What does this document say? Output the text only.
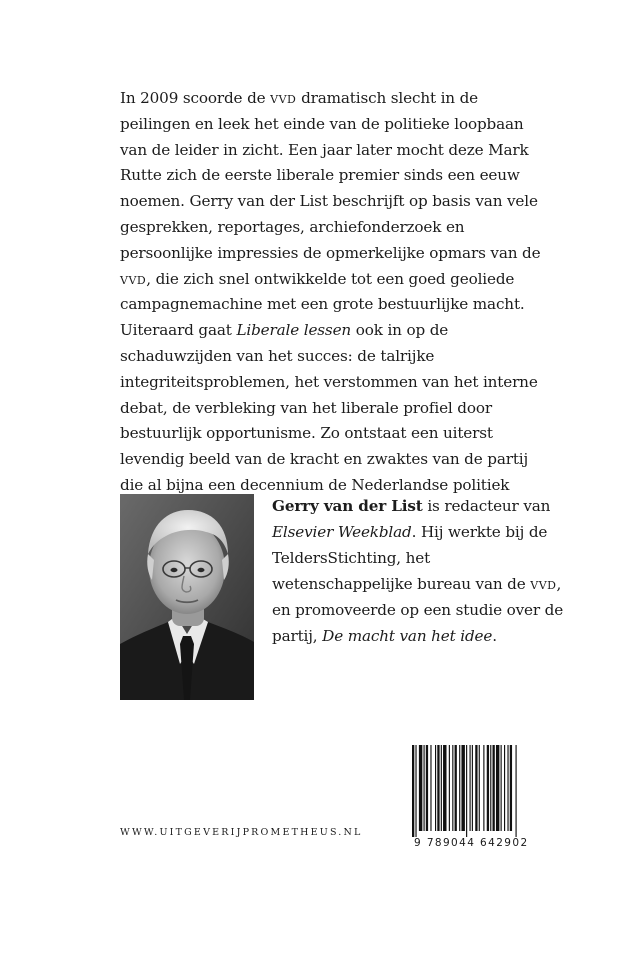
In 2009 scoorde de vvd dramatisch slecht in de peilingen en leek het einde van de politieke loopbaan van de leider in zicht. Een jaar later mocht deze Mark Rutte zich de eerste liberale premier sinds een eeuw noemen. Gerry van der List beschrijft op basis van vele gesprekken, reportages, archiefonderzoek en persoonlijke impressies de opmerkelijke opmars van de vvd, die zich snel ontwikkelde tot een goed geoliede campagnemachine met een grote bestuurlijke macht.

Uiteraard gaat Liberale lessen ook in op de schaduwzijden van het succes: de talrijke integriteitsproblemen, het verstommen van het interne debat, de verbleking van het liberale profiel door bestuurlijk opportunisme. Zo ontstaat een uiterst levendig beeld van de kracht en zwaktes van de partij die al bijna een decennium de Nederlandse politiek

Gerry van der List is redacteur van Elsevier Weekblad. Hij werkte bij de TeldersStichting, het wetenschappelijke bureau van de vvd, en promoveerde op een studie over de partij, De macht van het idee.

WWW.UITGEVERIJPROMETHEUS.NL
9 789044 642902
